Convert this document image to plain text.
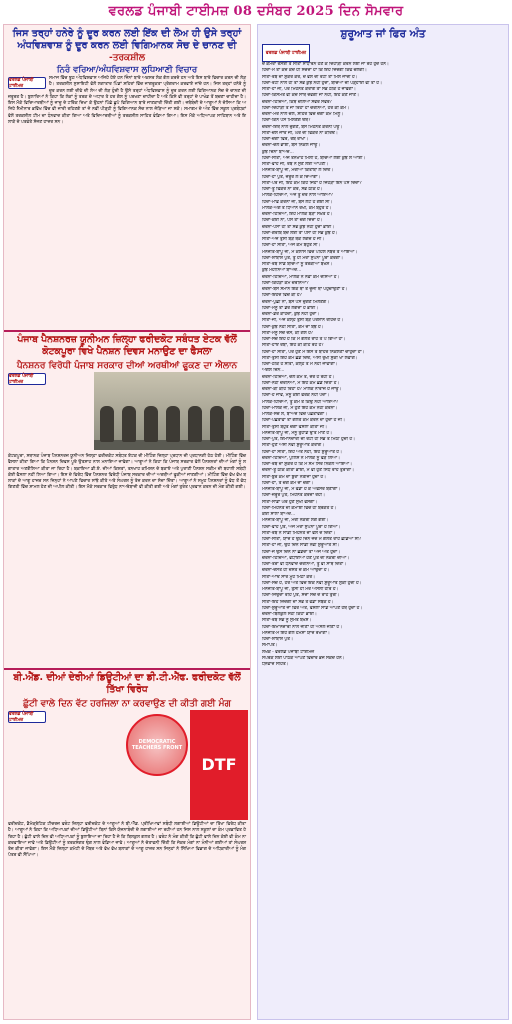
ਵਰਲਡ ਪੰਜਾਬੀ ਟਾਈਮਜ਼ 08 ਦਸੰਬਰ 2025 ਦਿਨ ਸੋਮਵਾਰ
ਜਿਸ ਤਰ੍ਹਾਂ ਹਨੇਰੇ ਨੂੰ ਦੂਰ ਕਰਨ ਲਈ ਇੱਕ ਦੀ ਲੋਅ ਹੀ ਉਸੇ ਤਰ੍ਹਾਂ ਅੰਧਵਿਸ਼ਵਾਸ਼ ਨੂੰ ਦੂਰ ਕਰਨ ਲਈ ਵਿਗਿਆਨਕ ਸੋਚ ਦੇ ਚਾਨਣ ਦੀ
-ਤਰਕਸ਼ੀਲ
ਨਿਰੰ ਵਰਿਆ/ਅੰਧਵਿਸ਼ਵਾਸ ਲੁਧਿਆਣੀ ਵਿਚਾਰ
ਵਰਲਡ ਪੰਜਾਬੀ ਟਾਈਮਜ਼
ਸਮਾਜ ਵਿੱਚ ਝੂਠ ਅੰਧਵਿਸ਼ਵਾਸ ਅਜਿਹੇ ਹੋਏ ਹਨ ਜਿੰਨਾਂ ਬਾਰੇ ਅਕਸਰ ਲੋਕ ਗੱਲ ਕਰਦੇ ਹਨ ਅਤੇ ਇਸ ਬਾਰੇ ਵਿਚਾਰ ਕਰਨ ਦੀ ਲੋੜ ਹੈ। ਤਰਕਸ਼ੀਲ ਸੁਸਾਇਟੀ ਵੱਲੋਂ ਲਗਾਤਾਰ ਪਿੰਡਾਂ ਸ਼ਹਿਰਾਂ ਵਿੱਚ ਜਾਗਰੂਕਤਾ ਪ੍ਰੋਗਰਾਮ ਕਰਵਾਏ ਜਾਂਦੇ ਹਨ। ਜਿਸ ਤਰ੍ਹਾਂ ਹਨੇਰੇ ਨੂੰ ਦੂਰ ਕਰਨ ਲਈ ਦੀਵੇ ਦੀ ਲੋਅ ਦੀ ਲੋੜ ਹੁੰਦੀ ਹੈ ਉਸੇ ਤਰ੍ਹਾਂ ਅੰਧਵਿਸ਼ਵਾਸ ਨੂੰ ਦੂਰ ਕਰਨ ਲਈ ਵਿਗਿਆਨਕ ਸੋਚ ਦੇ ਚਾਨਣ ਦੀ ਜ਼ਰੂਰਤ ਹੈ। ਬੁਲਾਰਿਆਂ ਨੇ ਕਿਹਾ ਕਿ ਲੋਕਾਂ ਨੂੰ ਤਰਕ ਦੇ ਅਧਾਰ ਤੇ ਹਰ ਗੱਲ ਨੂੰ ਪਰਖਣਾ ਚਾਹੀਦਾ ਹੈ ਅਤੇ ਕਿਸੇ ਵੀ ਤਰ੍ਹਾਂ ਦੇ ਪਾਖੰਡ ਤੋਂ ਬਚਣਾ ਚਾਹੀਦਾ ਹੈ। ਇਸ ਮੌਕੇ ਵਿਦਿਆਰਥੀਆਂ ਨੂੰ ਜਾਦੂ ਦੇ ਟਰਿੱਕ ਦਿਖਾ ਕੇ ਉਹਨਾਂ ਪਿੱਛੇ ਛੁਪੇ ਵਿਗਿਆਨ ਬਾਰੇ ਜਾਣਕਾਰੀ ਦਿੱਤੀ ਗਈ। ਜਥੇਬੰਦੀ ਦੇ ਆਗੂਆਂ ਨੇ ਦੱਸਿਆ ਕਿ ਅਜਿਹੇ ਸੈਮੀਨਾਰ ਭਵਿੱਖ ਵਿੱਚ ਵੀ ਜਾਰੀ ਰਹਿਣਗੇ ਤਾਂ ਜੋ ਨਵੀਂ ਪੀੜ੍ਹੀ ਨੂੰ ਵਿਗਿਆਨਕ ਸੋਚ ਨਾਲ ਜੋੜਿਆ ਜਾ ਸਕੇ। ਸਮਾਗਮ ਦੇ ਅੰਤ ਵਿੱਚ ਸਕੂਲ ਪ੍ਰਬੰਧਕਾਂ ਵੱਲੋਂ ਤਰਕਸ਼ੀਲ ਟੀਮ ਦਾ ਧੰਨਵਾਦ ਕੀਤਾ ਗਿਆ ਅਤੇ ਵਿਦਿਆਰਥੀਆਂ ਨੂੰ ਤਰਕਸ਼ੀਲ ਸਾਹਿਤ ਵੰਡਿਆ ਗਿਆ। ਇਸ ਮੌਕੇ ਅਧਿਆਪਕ ਸਾਹਿਬਾਨ ਅਤੇ ਇਲਾਕੇ ਦੇ ਪਤਵੰਤੇ ਸੱਜਣ ਹਾਜ਼ਰ ਸਨ।
ਪੰਜਾਬ ਪੈਨਸ਼ਨਰਜ਼ ਯੂਨੀਅਨ ਜ਼ਿਲ੍ਹਾ ਫਰੀਦਕੋਟ ਸਬੰਧਤ ਏਟਕ ਵੱਲੋਂ ਕੋਟਕਪੂਰਾ ਵਿਖੇ ਪੈਨਸ਼ਨ ਦਿਵਸ ਮਨਾਉਣ ਦਾ ਫੈਸਲਾ
ਪੈਨਸ਼ਨਰ ਵਿਰੋਧੀ ਪੰਜਾਬ ਸਰਕਾਰ ਦੀਆਂ ਅਰਥੀਆਂ ਫੂਕਣ ਦਾ ਐਲਾਨ
ਵਰਲਡ ਪੰਜਾਬੀ ਟਾਈਮਜ਼
ਕੋਟਕਪੂਰਾ, ਸਥਾਨਕ ਪੰਜਾਬ ਪੈਨਸ਼ਨਰਜ਼ ਯੂਨੀਅਨ ਜ਼ਿਲ੍ਹਾ ਫਰੀਦਕੋਟ ਸਬੰਧਤ ਏਟਕ ਦੀ ਮੀਟਿੰਗ ਜ਼ਿਲ੍ਹਾ ਪ੍ਰਧਾਨ ਦੀ ਪ੍ਰਧਾਨਗੀ ਹੇਠ ਹੋਈ। ਮੀਟਿੰਗ ਵਿੱਚ ਫੈਸਲਾ ਕੀਤਾ ਗਿਆ ਕਿ ਪੈਨਸ਼ਨ ਦਿਵਸ ਪੂਰੇ ਉਤਸ਼ਾਹ ਨਾਲ ਮਨਾਇਆ ਜਾਵੇਗਾ। ਆਗੂਆਂ ਨੇ ਕਿਹਾ ਕਿ ਪੰਜਾਬ ਸਰਕਾਰ ਵੱਲੋਂ ਪੈਨਸ਼ਨਰਾਂ ਦੀਆਂ ਮੰਗਾਂ ਨੂੰ ਲਗਾਤਾਰ ਅਣਗੌਲਿਆ ਕੀਤਾ ਜਾ ਰਿਹਾ ਹੈ। ਬਕਾਇਆ ਡੀ.ਏ. ਦੀਆਂ ਕਿਸ਼ਤਾਂ, ਤਨਖਾਹ ਕਮਿਸ਼ਨ ਦੇ ਬਕਾਏ ਅਤੇ ਪੁਰਾਣੀ ਪੈਨਸ਼ਨ ਸਕੀਮ ਦੀ ਬਹਾਲੀ ਸਬੰਧੀ ਕੋਈ ਫੈਸਲਾ ਨਹੀਂ ਲਿਆ ਗਿਆ। ਇਸ ਦੇ ਵਿਰੋਧ ਵਿੱਚ ਪੈਨਸ਼ਨਰ ਵਿਰੋਧੀ ਪੰਜਾਬ ਸਰਕਾਰ ਦੀਆਂ ਅਰਥੀਆਂ ਫੂਕੀਆਂ ਜਾਣਗੀਆਂ। ਮੀਟਿੰਗ ਵਿੱਚ ਵੱਖ ਵੱਖ ਬਲਾਕਾਂ ਦੇ ਆਗੂ ਹਾਜ਼ਰ ਸਨ ਜਿਨ੍ਹਾਂ ਨੇ ਆਪਣੇ ਵਿਚਾਰ ਸਾਂਝੇ ਕੀਤੇ ਅਤੇ ਸੰਘਰਸ਼ ਨੂੰ ਤੇਜ਼ ਕਰਨ ਦਾ ਸੱਦਾ ਦਿੱਤਾ। ਆਗੂਆਂ ਨੇ ਸਮੂਹ ਪੈਨਸ਼ਨਰਾਂ ਨੂੰ ਵੱਧ ਤੋਂ ਵੱਧ ਗਿਣਤੀ ਵਿੱਚ ਸ਼ਾਮਲ ਹੋਣ ਦੀ ਅਪੀਲ ਕੀਤੀ। ਇਸ ਮੌਕੇ ਸਰਕਾਰ ਵਿਰੁੱਧ ਨਾਅਰੇਬਾਜ਼ੀ ਵੀ ਕੀਤੀ ਗਈ ਅਤੇ ਮੰਗਾਂ ਤੁਰੰਤ ਪ੍ਰਵਾਨ ਕਰਨ ਦੀ ਮੰਗ ਕੀਤੀ ਗਈ।
ਬੀ.ਐੱਡ. ਦੀਆਂ ਦੇਰੀਆਂ ਡਿਊਟੀਆਂ ਦਾ ਡੀ.ਟੀ.ਐੱਫ. ਫਰੀਦਕੋਟ ਵੱਲੋਂ ਤਿੱਖਾ ਵਿਰੋਧ
ਛੁੱਟੀ ਵਾਲੇ ਦਿਨ ਵੱਟ ਹਰਜਿਲਾ ਨਾ ਕਰਵਾਉਣ ਦੀ ਕੀਤੀ ਗਈ ਮੰਗ
ਵਰਲਡ ਪੰਜਾਬੀ ਟਾਈਮਜ਼
DEMOCRATIC TEACHERS FRONT
DTF
ਫਰੀਦਕੋਟ, ਡੈਮੋਕ੍ਰੇਟਿਕ ਟੀਚਰਜ਼ ਫਰੰਟ ਜ਼ਿਲ੍ਹਾ ਫਰੀਦਕੋਟ ਦੇ ਆਗੂਆਂ ਨੇ ਬੀ.ਐੱਡ. ਪ੍ਰੀਖਿਆਵਾਂ ਸਬੰਧੀ ਲਗਾਈਆਂ ਡਿਊਟੀਆਂ ਦਾ ਤਿੱਖਾ ਵਿਰੋਧ ਕੀਤਾ ਹੈ। ਆਗੂਆਂ ਨੇ ਕਿਹਾ ਕਿ ਅਧਿਆਪਕਾਂ ਦੀਆਂ ਡਿਊਟੀਆਂ ਬਿਨਾਂ ਕਿਸੇ ਯੋਜਨਾਬੰਦੀ ਦੇ ਲਗਾਈਆਂ ਜਾ ਰਹੀਆਂ ਹਨ ਜਿਸ ਨਾਲ ਸਕੂਲਾਂ ਦਾ ਕੰਮ ਪ੍ਰਭਾਵਿਤ ਹੋ ਰਿਹਾ ਹੈ। ਛੁੱਟੀ ਵਾਲੇ ਦਿਨ ਵੀ ਅਧਿਆਪਕਾਂ ਨੂੰ ਬੁਲਾਇਆ ਜਾ ਰਿਹਾ ਹੈ ਜੋ ਕਿ ਬਿਲਕੁਲ ਗਲਤ ਹੈ। ਫਰੰਟ ਨੇ ਮੰਗ ਕੀਤੀ ਕਿ ਛੁੱਟੀ ਵਾਲੇ ਦਿਨ ਕੋਈ ਵੀ ਕੰਮ ਨਾ ਕਰਵਾਇਆ ਜਾਵੇ ਅਤੇ ਡਿਊਟੀਆਂ ਨੂੰ ਤਰਕਸੰਗਤ ਢੰਗ ਨਾਲ ਵੰਡਿਆ ਜਾਵੇ। ਆਗੂਆਂ ਨੇ ਚੇਤਾਵਨੀ ਦਿੱਤੀ ਕਿ ਜੇਕਰ ਮੰਗਾਂ ਨਾ ਮੰਨੀਆਂ ਗਈਆਂ ਤਾਂ ਸੰਘਰਸ਼ ਤੇਜ਼ ਕੀਤਾ ਜਾਵੇਗਾ। ਇਸ ਮੌਕੇ ਜ਼ਿਲ੍ਹਾ ਕਮੇਟੀ ਦੇ ਮੈਂਬਰ ਅਤੇ ਵੱਖ ਵੱਖ ਬਲਾਕਾਂ ਦੇ ਆਗੂ ਹਾਜ਼ਰ ਸਨ ਜਿਨ੍ਹਾਂ ਨੇ ਸਿੱਖਿਆ ਵਿਭਾਗ ਦੇ ਅਧਿਕਾਰੀਆਂ ਨੂੰ ਮੰਗ ਪੱਤਰ ਵੀ ਸੌਂਪਿਆ।
ਸ਼ੁਰੂਆਤ ਜਾਂ ਫਿਰ ਅੰਤ
ਵਰਲਡ ਪੰਜਾਬੀ ਟਾਈਮਜ਼
ਦੋ ਕਮਰਾ ਰਸੋਈ ਤੇ ਸੀਤਾ ਸਾਧਾਰਨ ਹੋਣ ਕੇ ਦਿਹਾੜੀ ਕਰਨ ਲਈ ਜਾ ਰਹੇ ਹੁੰਦੇ ਹਨ।
ਹਿੰਦਾ-ਮੈਂ ਤਾਂ ਕਦੇ ਕਦੇ ਹੀ ਸੋਚਦਾ ਹਾਂ ਕਿ ਇਹ ਜ਼ਿੰਦਗੀ ਕਿਵੇਂ ਚੱਲੇਗੀ।
ਸੀਤਾ-ਰੱਬ ਦਾ ਸ਼ੁਕਰ ਕਰ, ਦੋ ਵੇਲੇ ਦੀ ਰੋਟੀ ਤਾਂ ਮਿਲ ਜਾਂਦੀ ਹੈ।
ਹਿੰਦਾ-ਰੋਟੀ ਨਾਲ ਹੀ ਤਾਂ ਸਭ ਕੁਝ ਨਹੀਂ ਹੁੰਦਾ, ਬੱਚਿਆਂ ਦੀ ਪੜ੍ਹਾਈ ਵੀ ਤਾਂ ਹੈ।
ਸੀਤਾ-ਹਾਂ ਜੀ, ਪਰ ਮਿਹਨਤ ਕਰਾਂਗੇ ਤਾਂ ਸਭ ਠੀਕ ਹੋ ਜਾਵੇਗਾ।
ਹਿੰਦਾ-ਕਿਸਮਤ ਵੀ ਕਦੇ ਸਾਥ ਦੇਵੇਗੀ ਜਾਂ ਨਹੀਂ, ਇਹ ਕੌਣ ਜਾਣੇ।
ਚਰਨਾ-ਹਿੰਦਿਆ, ਕਿੱਥੇ ਚੱਲਿਆ ਸਵੇਰੇ ਸਵੇਰੇ?
ਹਿੰਦਾ-ਦਿਹਾੜੀ ਤੇ ਜਾ ਰਿਹਾ ਹਾਂ ਚਰਨਿਆ, ਹੋਰ ਕੀ ਕੰਮ।
ਚਰਨਾ-ਮੇਰੇ ਨਾਲ ਚੱਲ, ਸ਼ਹਿਰ ਵਿੱਚ ਚੰਗਾ ਕੰਮ ਮਿਲੂ।
ਹਿੰਦਾ-ਕਿੰਨੇ ਪੈਸੇ ਮਿਲਣਗੇ ਓਥੇ?
ਚਰਨਾ-ਇਥੋਂ ਨਾਲੋਂ ਦੁੱਗਣੇ, ਬੱਸ ਮਿਹਨਤ ਕਰਨੀ ਪਊ।
ਸੀਤਾ-ਚੱਲੇ ਜਾਓ ਜੀ, ਘਰ ਦੀ ਫਿਕਰ ਨਾ ਕਰਿਓ।
ਹਿੰਦਾ-ਚੰਗਾ ਫਿਰ, ਰੱਬ ਰਾਖਾ।
ਚਰਨਾ-ਚੱਲ ਭਾਈ, ਬੱਸ ਨਿਕਲ ਜਾਊ।
ਕੁਝ ਦਿਨਾਂ ਬਾਅਦ...
ਹਿੰਦਾ-ਸੀਤਾ, ਅੱਜ ਤਨਖਾਹ ਮਿਲੀ ਹੈ, ਬੱਚਿਆਂ ਲਈ ਕੁਝ ਲੈ ਆਈਂ।
ਸੀਤਾ-ਵਾਹ ਜੀ, ਰੱਬ ਨੇ ਸੁਣ ਲਈ ਆਪਣੀ।
ਮਨਜੀਤ-ਬਾਪੂ ਜੀ, ਮੇਰੀਆਂ ਕਿਤਾਬਾਂ ਲੈ ਦਿਓ।
ਹਿੰਦਾ-ਹਾਂ ਪੁੱਤ, ਜ਼ਰੂਰ ਲੈ ਕੇ ਦਿਆਂਗਾ।
ਸੀਤਾ-ਪਰ ਜੀ, ਇਹ ਕੰਮ ਕਿਹੋ ਜਿਹਾ ਹੈ ਜਿਹੜਾ ਇੰਨੇ ਪੈਸੇ ਦਿੰਦਾ?
ਹਿੰਦਾ-ਤੂੰ ਫਿਕਰ ਨਾ ਕਰ, ਸਭ ਠੀਕ ਹੈ।
ਮਾਲਕ-ਹਿੰਦਿਆ, ਅੱਜ ਤੂੰ ਦੇਰ ਨਾਲ ਆਇਆਂ?
ਹਿੰਦਾ-ਮਾਫ਼ ਕਰਨਾ ਜੀ, ਬੱਸ ਲੇਟ ਹੋ ਗਈ ਸੀ।
ਮਾਲਕ-ਅੱਗੇ ਤੋਂ ਧਿਆਨ ਰੱਖੀਂ, ਕੰਮ ਬਹੁਤ ਹੈ।
ਚਰਨਾ-ਹਿੰਦਿਆ, ਇਹ ਮਾਲਕ ਬੜਾ ਸਖ਼ਤ ਹੈ।
ਹਿੰਦਾ-ਕੋਈ ਨਾ, ਪੈਸੇ ਤਾਂ ਚੰਗੇ ਦਿੰਦਾ ਹੈ।
ਚਰਨਾ-ਪੈਸਾ ਹੀ ਤਾਂ ਸਭ ਕੁਝ ਨਹੀਂ ਹੁੰਦਾ ਭਾਈ।
ਹਿੰਦਾ-ਗਰੀਬ ਬੰਦੇ ਲਈ ਤਾਂ ਪੈਸਾ ਹੀ ਸਭ ਕੁਝ ਹੈ।
ਸੀਤਾ-ਅੱਜ ਤੁਸੀਂ ਬੜੇ ਥੱਕੇ ਲੱਗਦੇ ਹੋ ਜੀ।
ਹਿੰਦਾ-ਹਾਂ ਸੀਤਾ, ਅੱਜ ਕੰਮ ਬਹੁਤ ਸੀ।
ਮਨਜੀਤ-ਬਾਪੂ ਜੀ, ਮੈਂ ਕਲਾਸ ਵਿੱਚੋਂ ਪਹਿਲੇ ਨੰਬਰ ਤੇ ਆਇਆ।
ਹਿੰਦਾ-ਸ਼ਾਬਾਸ਼ ਪੁੱਤ, ਤੂੰ ਹੀ ਮੇਰਾ ਸੁਪਨਾ ਪੂਰਾ ਕਰੇਂਗਾ।
ਸੀਤਾ-ਰੱਬ ਸਾਡੇ ਬੱਚਿਆਂ ਨੂੰ ਤਰੱਕੀਆਂ ਬਖਸ਼ੇ।
ਕੁਝ ਮਹੀਨਿਆਂ ਬਾਅਦ...
ਚਰਨਾ-ਹਿੰਦਿਆ, ਮਾਲਕ ਨੇ ਨਵਾਂ ਕੰਮ ਦੱਸਿਆ ਹੈ।
ਹਿੰਦਾ-ਕਿਹੜਾ ਕੰਮ ਚਰਨਿਆ?
ਚਰਨਾ-ਬੱਸ ਸਮਾਨ ਇੱਕ ਥਾਂ ਤੋਂ ਦੂਜੀ ਥਾਂ ਪਹੁੰਚਾਉਣਾ ਹੈ।
ਹਿੰਦਾ-ਇਹਦੇ ਵਿੱਚ ਕੀ ਹੈ?
ਚਰਨਾ-ਪੁੱਛੀਂ ਨਾ, ਬੱਸ ਪੈਸੇ ਦੁੱਗਣੇ ਮਿਲਣਗੇ।
ਹਿੰਦਾ-ਮੈਨੂੰ ਤਾਂ ਡਰ ਲੱਗਦਾ ਹੈ ਭਾਈ।
ਚਰਨਾ-ਡਰ ਕਾਹਦਾ, ਕੁਝ ਨਹੀਂ ਹੁੰਦਾ।
ਸੀਤਾ-ਜੀ, ਅੱਜ ਕੱਲ੍ਹ ਤੁਸੀਂ ਬੜੇ ਪਰੇਸ਼ਾਨ ਰਹਿੰਦੇ ਹੋ।
ਹਿੰਦਾ-ਕੁਝ ਨਹੀਂ ਸੀਤਾ, ਕੰਮ ਦਾ ਬੋਝ ਹੈ।
ਸੀਤਾ-ਮੈਨੂੰ ਸੱਚ ਦੱਸੋ, ਕੀ ਗੱਲ ਹੈ?
ਹਿੰਦਾ-ਸੱਚ ਇਹ ਹੈ ਕਿ ਮੈਂ ਗਲਤ ਰਾਹ ਤੇ ਪੈ ਗਿਆ ਹਾਂ।
ਸੀਤਾ-ਹਾਏ ਰੱਬਾ, ਇਹ ਕੀ ਕਹਿ ਰਹੇ ਹੋ?
ਹਿੰਦਾ-ਹਾਂ ਸੀਤਾ, ਪਰ ਹੁਣ ਮੈਂ ਇਸ ਤੋਂ ਬਾਹਰ ਨਿਕਲਣਾ ਚਾਹੁੰਦਾ ਹਾਂ।
ਸੀਤਾ-ਤੁਸੀਂ ਇਹ ਕੰਮ ਛੱਡ ਦਿਓ, ਅਸੀਂ ਰੁੱਖੀ ਸੁੱਕੀ ਖਾ ਲਵਾਂਗੇ।
ਹਿੰਦਾ-ਠੀਕ ਹੈ ਸੀਤਾ, ਕੱਲ੍ਹ ਤੋਂ ਮੈਂ ਨਹੀਂ ਜਾਵਾਂਗਾ।
ਅਗਲੇ ਦਿਨ...
ਚਰਨਾ-ਹਿੰਦਿਆ, ਚੱਲ ਕੰਮ ਤੇ, ਦੇਰ ਹੋ ਰਹੀ ਹੈ।
ਹਿੰਦਾ-ਨਹੀਂ ਚਰਨਿਆ, ਮੈਂ ਇਹ ਕੰਮ ਛੱਡ ਦਿੱਤਾ ਹੈ।
ਚਰਨਾ-ਕੀ ਕਹਿ ਰਿਹਾ ਹੈਂ? ਮਾਲਕ ਨਾਰਾਜ਼ ਹੋ ਜਾਊ।
ਹਿੰਦਾ-ਹੋ ਜਾਵੇ, ਮੈਨੂੰ ਕੋਈ ਫਰਕ ਨਹੀਂ ਪੈਂਦਾ।
ਮਾਲਕ-ਹਿੰਦਿਆ, ਤੂੰ ਕੰਮ ਤੇ ਕਿਉਂ ਨਹੀਂ ਆਇਆ?
ਹਿੰਦਾ-ਮਾਲਕ ਜੀ, ਮੈਂ ਹੁਣ ਇਹ ਕੰਮ ਨਹੀਂ ਕਰਨਾ।
ਮਾਲਕ-ਸੋਚ ਲੈ, ਬਾਅਦ ਵਿੱਚ ਪਛਤਾਵੇਂਗਾ।
ਹਿੰਦਾ-ਪਛਤਾਵਾ ਤਾਂ ਗਲਤ ਕੰਮ ਕਰਨ ਦਾ ਹੁੰਦਾ ਹੈ ਜੀ।
ਸੀਤਾ-ਤੁਸੀਂ ਬਹੁਤ ਚੰਗਾ ਫੈਸਲਾ ਕੀਤਾ ਜੀ।
ਮਨਜੀਤ-ਬਾਪੂ ਜੀ, ਮੈਨੂੰ ਤੁਹਾਡੇ ਉੱਤੇ ਮਾਣ ਹੈ।
ਹਿੰਦਾ-ਪੁੱਤ, ਇਮਾਨਦਾਰੀ ਦੀ ਰੋਟੀ ਹੀ ਸਭ ਤੋਂ ਮਿੱਠੀ ਹੁੰਦੀ ਹੈ।
ਸੀਤਾ-ਹੁਣ ਅਸੀਂ ਨਵੀਂ ਸ਼ੁਰੂਆਤ ਕਰਾਂਗੇ।
ਹਿੰਦਾ-ਹਾਂ ਸੀਤਾ, ਇਹ ਅੰਤ ਨਹੀਂ, ਇਹ ਸ਼ੁਰੂਆਤ ਹੈ।
ਚਰਨਾ-ਹਿੰਦਿਆ, ਪੁਲਿਸ ਨੇ ਮਾਲਕ ਨੂੰ ਫੜ ਲਿਆ।
ਹਿੰਦਾ-ਰੱਬ ਦਾ ਸ਼ੁਕਰ ਹੈ ਕਿ ਮੈਂ ਸਮੇਂ ਸਿਰ ਨਿਕਲ ਆਇਆ।
ਚਰਨਾ-ਤੂੰ ਠੀਕ ਕੀਤਾ ਭਾਈ, ਮੈਂ ਵੀ ਹੁਣ ਸਿੱਧੇ ਰਾਹ ਤੁਰਾਂਗਾ।
ਸੀਤਾ-ਬੁਰੇ ਕੰਮ ਦਾ ਬੁਰਾ ਨਤੀਜਾ ਹੁੰਦਾ ਹੈ।
ਹਿੰਦਾ-ਹਾਂ, ਤੇ ਚੰਗੇ ਕੰਮ ਦਾ ਚੰਗਾ।
ਮਨਜੀਤ-ਬਾਪੂ ਜੀ, ਮੈਂ ਵੱਡਾ ਹੋ ਕੇ ਅਫਸਰ ਬਣਾਂਗਾ।
ਹਿੰਦਾ-ਜ਼ਰੂਰ ਪੁੱਤ, ਮਿਹਨਤ ਕਰਦਾ ਰਹੀਂ।
ਸੀਤਾ-ਸਾਡਾ ਘਰ ਹੁਣ ਸੁਖੀ ਵੱਸੇਗਾ।
ਹਿੰਦਾ-ਮਿਹਨਤ ਦੀ ਕਮਾਈ ਵਿੱਚ ਹੀ ਬਰਕਤ ਹੈ।
ਕਈ ਸਾਲਾਂ ਬਾਅਦ...
ਮਨਜੀਤ-ਬਾਪੂ ਜੀ, ਮੇਰੀ ਨੌਕਰੀ ਲੱਗ ਗਈ।
ਹਿੰਦਾ-ਵਾਹ ਪੁੱਤ, ਅੱਜ ਮੇਰਾ ਸੁਪਨਾ ਪੂਰਾ ਹੋ ਗਿਆ।
ਸੀਤਾ-ਰੱਬ ਨੇ ਸਾਡੀ ਮਿਹਨਤ ਦਾ ਫਲ ਦੇ ਦਿੱਤਾ।
ਹਿੰਦਾ-ਸੀਤਾ, ਯਾਦ ਹੈ ਉਹ ਦਿਨ ਜਦੋਂ ਮੈਂ ਗਲਤ ਰਾਹ ਛੱਡਿਆ ਸੀ?
ਸੀਤਾ-ਹਾਂ ਜੀ, ਉਹ ਦਿਨ ਸਾਡੀ ਨਵੀਂ ਸ਼ੁਰੂਆਤ ਸੀ।
ਹਿੰਦਾ-ਜੇ ਉਸ ਦਿਨ ਨਾ ਛੱਡਦਾ ਤਾਂ ਅੱਜ ਅੰਤ ਹੁੰਦਾ।
ਚਰਨਾ-ਹਿੰਦਿਆ, ਵਧਾਈਆਂ ਹੋਣ ਪੁੱਤ ਦੀ ਨੌਕਰੀ ਦੀਆਂ।
ਹਿੰਦਾ-ਤੇਰਾ ਵੀ ਧੰਨਵਾਦ ਚਰਨਿਆ, ਤੂੰ ਵੀ ਸਾਥ ਦਿੱਤਾ।
ਚਰਨਾ-ਦੋਸਤ ਹੀ ਦੋਸਤ ਦੇ ਕੰਮ ਆਉਂਦਾ ਹੈ।
ਸੀਤਾ-ਆਓ ਸਾਰੇ ਮੂੰਹ ਮਿੱਠਾ ਕਰੋ।
ਹਿੰਦਾ-ਸੱਚ ਹੈ, ਹਰ ਅੰਤ ਵਿੱਚ ਇੱਕ ਨਵੀਂ ਸ਼ੁਰੂਆਤ ਲੁਕੀ ਹੁੰਦੀ ਹੈ।
ਮਨਜੀਤ-ਬਾਪੂ ਜੀ, ਤੁਸੀਂ ਹੀ ਮੇਰੇ ਅਸਲੀ ਹੀਰੋ ਹੋ।
ਹਿੰਦਾ-ਜਿਉਂਦਾ ਰਹਿ ਪੁੱਤ, ਸਦਾ ਸੱਚ ਦੇ ਰਾਹ ਤੁਰੀਂ।
ਸੀਤਾ-ਇਹੋ ਜ਼ਿੰਦਗੀ ਦਾ ਸਭ ਤੋਂ ਵੱਡਾ ਸਬਕ ਹੈ।
ਹਿੰਦਾ-ਸ਼ੁਰੂਆਤ ਜਾਂ ਫਿਰ ਅੰਤ, ਫੈਸਲਾ ਸਾਡੇ ਆਪਣੇ ਹੱਥ ਹੁੰਦਾ ਹੈ।
ਚਰਨਾ-ਬਿਲਕੁਲ ਸਹੀ ਕਿਹਾ ਭਾਈ।
ਸੀਤਾ-ਰੱਬ ਸਭ ਨੂੰ ਸੁਮੱਤ ਬਖਸ਼ੇ।
ਹਿੰਦਾ-ਇਮਾਨਦਾਰੀ ਨਾਲ ਜੀਣਾ ਹੀ ਅਸਲ ਜੀਣਾ ਹੈ।
ਮਨਜੀਤ-ਮੈਂ ਇਹ ਗੱਲ ਹਮੇਸ਼ਾ ਯਾਦ ਰੱਖਾਂਗਾ।
ਹਿੰਦਾ-ਸ਼ਾਬਾਸ਼ ਪੁੱਤ।
ਸਮਾਪਤ।
ਲੇਖਕ - ਵਰਲਡ ਪੰਜਾਬੀ ਟਾਈਮਜ਼
ਸੰਪਰਕ ਲਈ ਪਾਠਕ ਆਪਣੇ ਵਿਚਾਰ ਭੇਜ ਸਕਦੇ ਹਨ।
ਧੰਨਵਾਦ ਸਹਿਤ।
